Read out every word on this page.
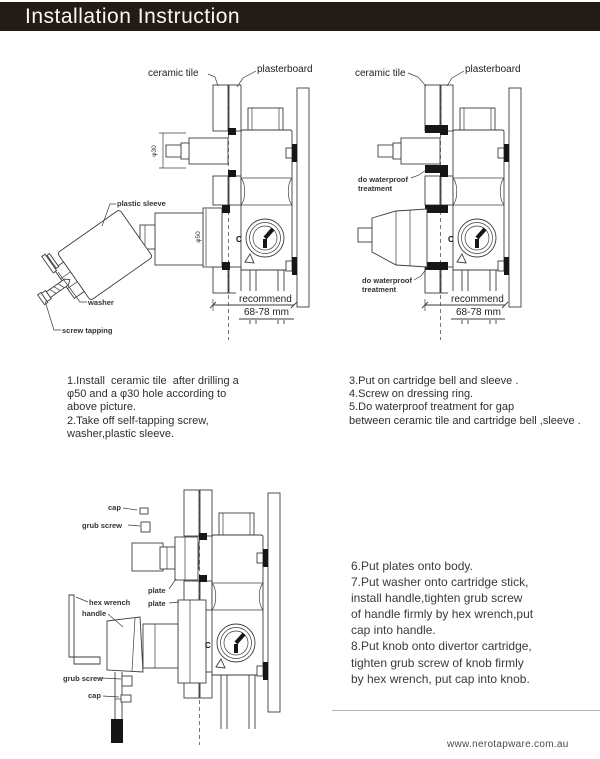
Installation Instruction
φ30
φ50
ceramic tile	plasterboard
plastic sleeve
washer
screw tapping
recommend
68-78 mm
C
ceramic tile	plasterboard
do waterproof
treatment
do waterproof
treatment
recommend
68-78 mm
C
cap
grub screw
plate
plate
hex wrench
handle
grub screw
cap
C
1.Install  ceramic tile  after drilling a
φ50 and a φ30 hole according to
above picture.
2.Take off self-tapping screw,
washer,plastic sleeve.
3.Put on cartridge bell and sleeve .
4.Screw on dressing ring.
5.Do waterproof treatment for gap
between ceramic tile and cartridge bell ,sleeve .
6.Put plates onto body.
7.Put washer onto cartridge stick,
install handle,tighten grub screw
of handle firmly by hex wrench,put
cap into handle.
8.Put knob onto divertor cartridge,
tighten grub screw of knob firmly
by hex wrench, put cap into knob.
www.nerotapware.com.au
